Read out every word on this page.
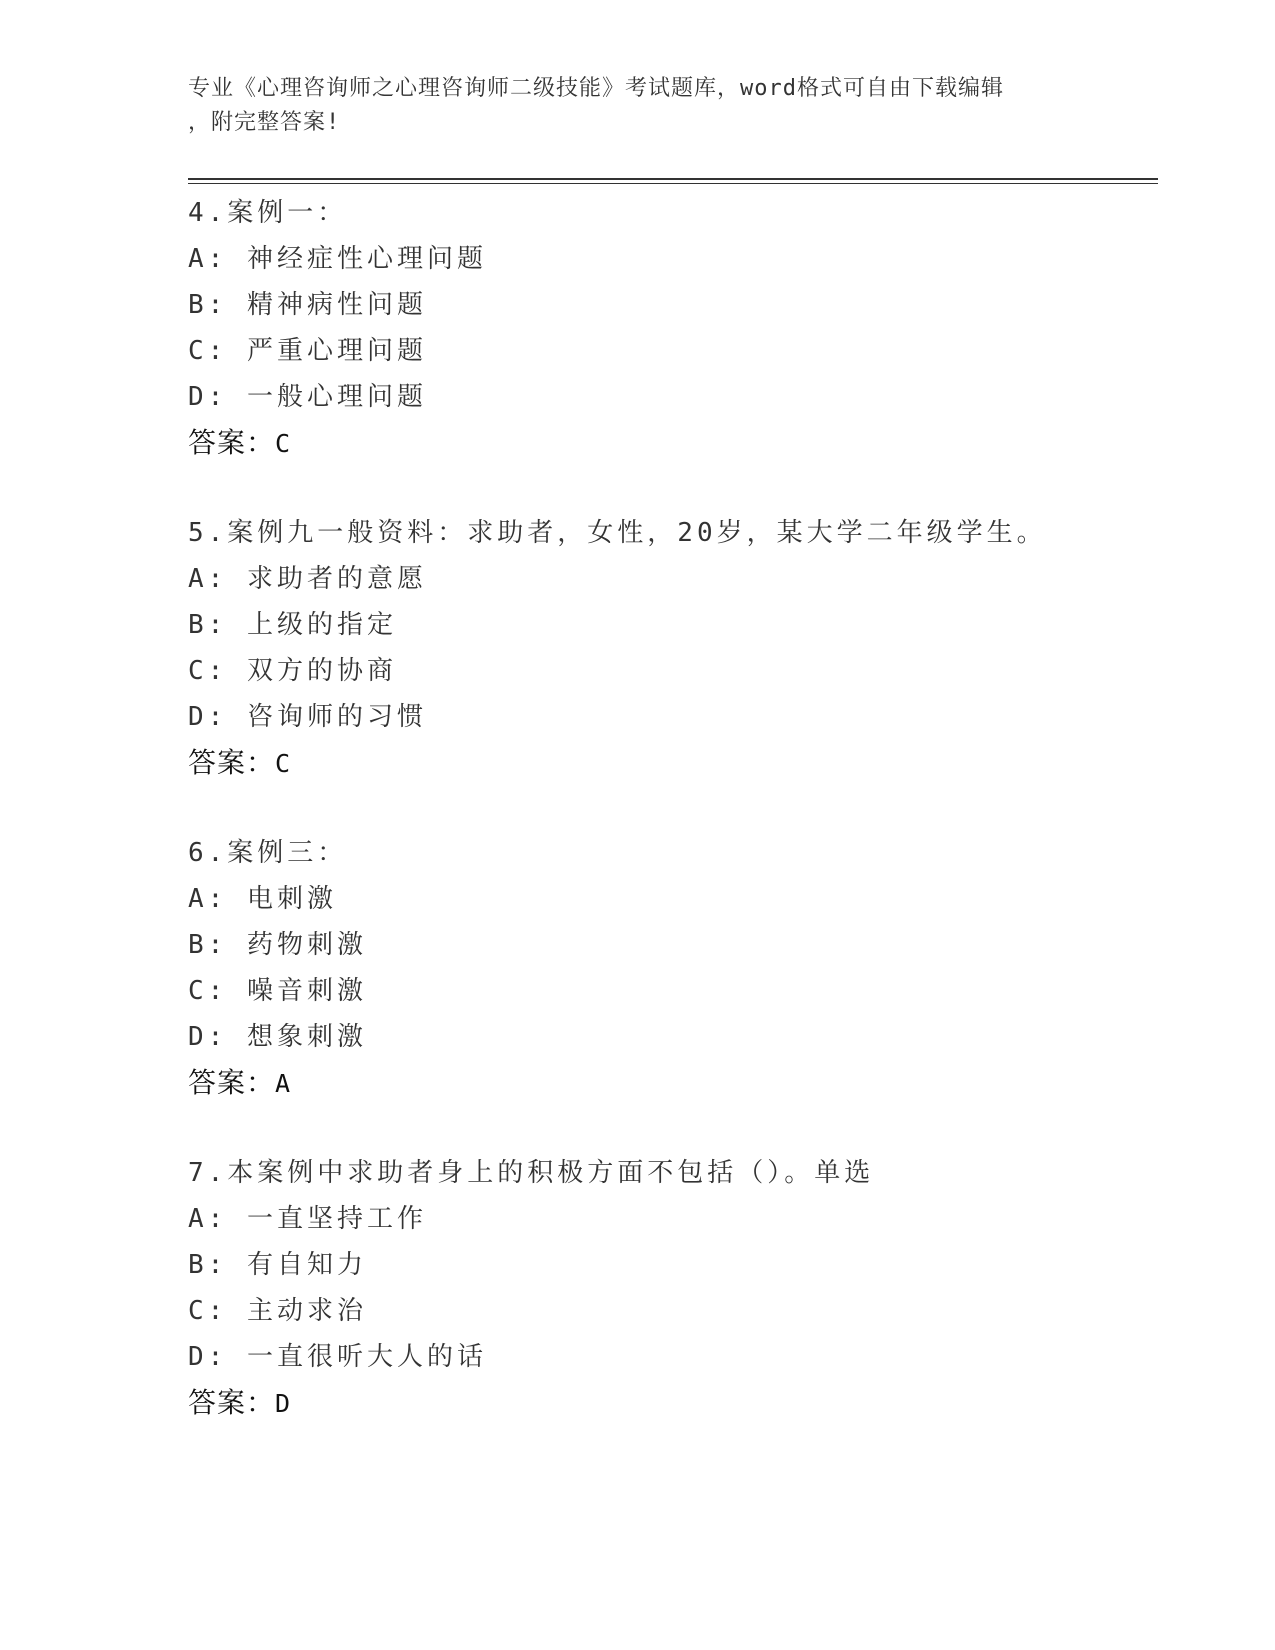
专业《心理咨询师之心理咨询师二级技能》考试题库，word格式可自由下载编辑
，附完整答案!
4.案例一：
A: 神经症性心理问题
B: 精神病性问题
C: 严重心理问题
D: 一般心理问题
答案：C
5.案例九一般资料：求助者，女性，20岁，某大学二年级学生。
A: 求助者的意愿
B: 上级的指定
C: 双方的协商
D: 咨询师的习惯
答案：C
6.案例三：
A: 电刺激
B: 药物刺激
C: 噪音刺激
D: 想象刺激
答案：A
7.本案例中求助者身上的积极方面不包括（）。单选
A: 一直坚持工作
B: 有自知力
C: 主动求治
D: 一直很听大人的话
答案：D
